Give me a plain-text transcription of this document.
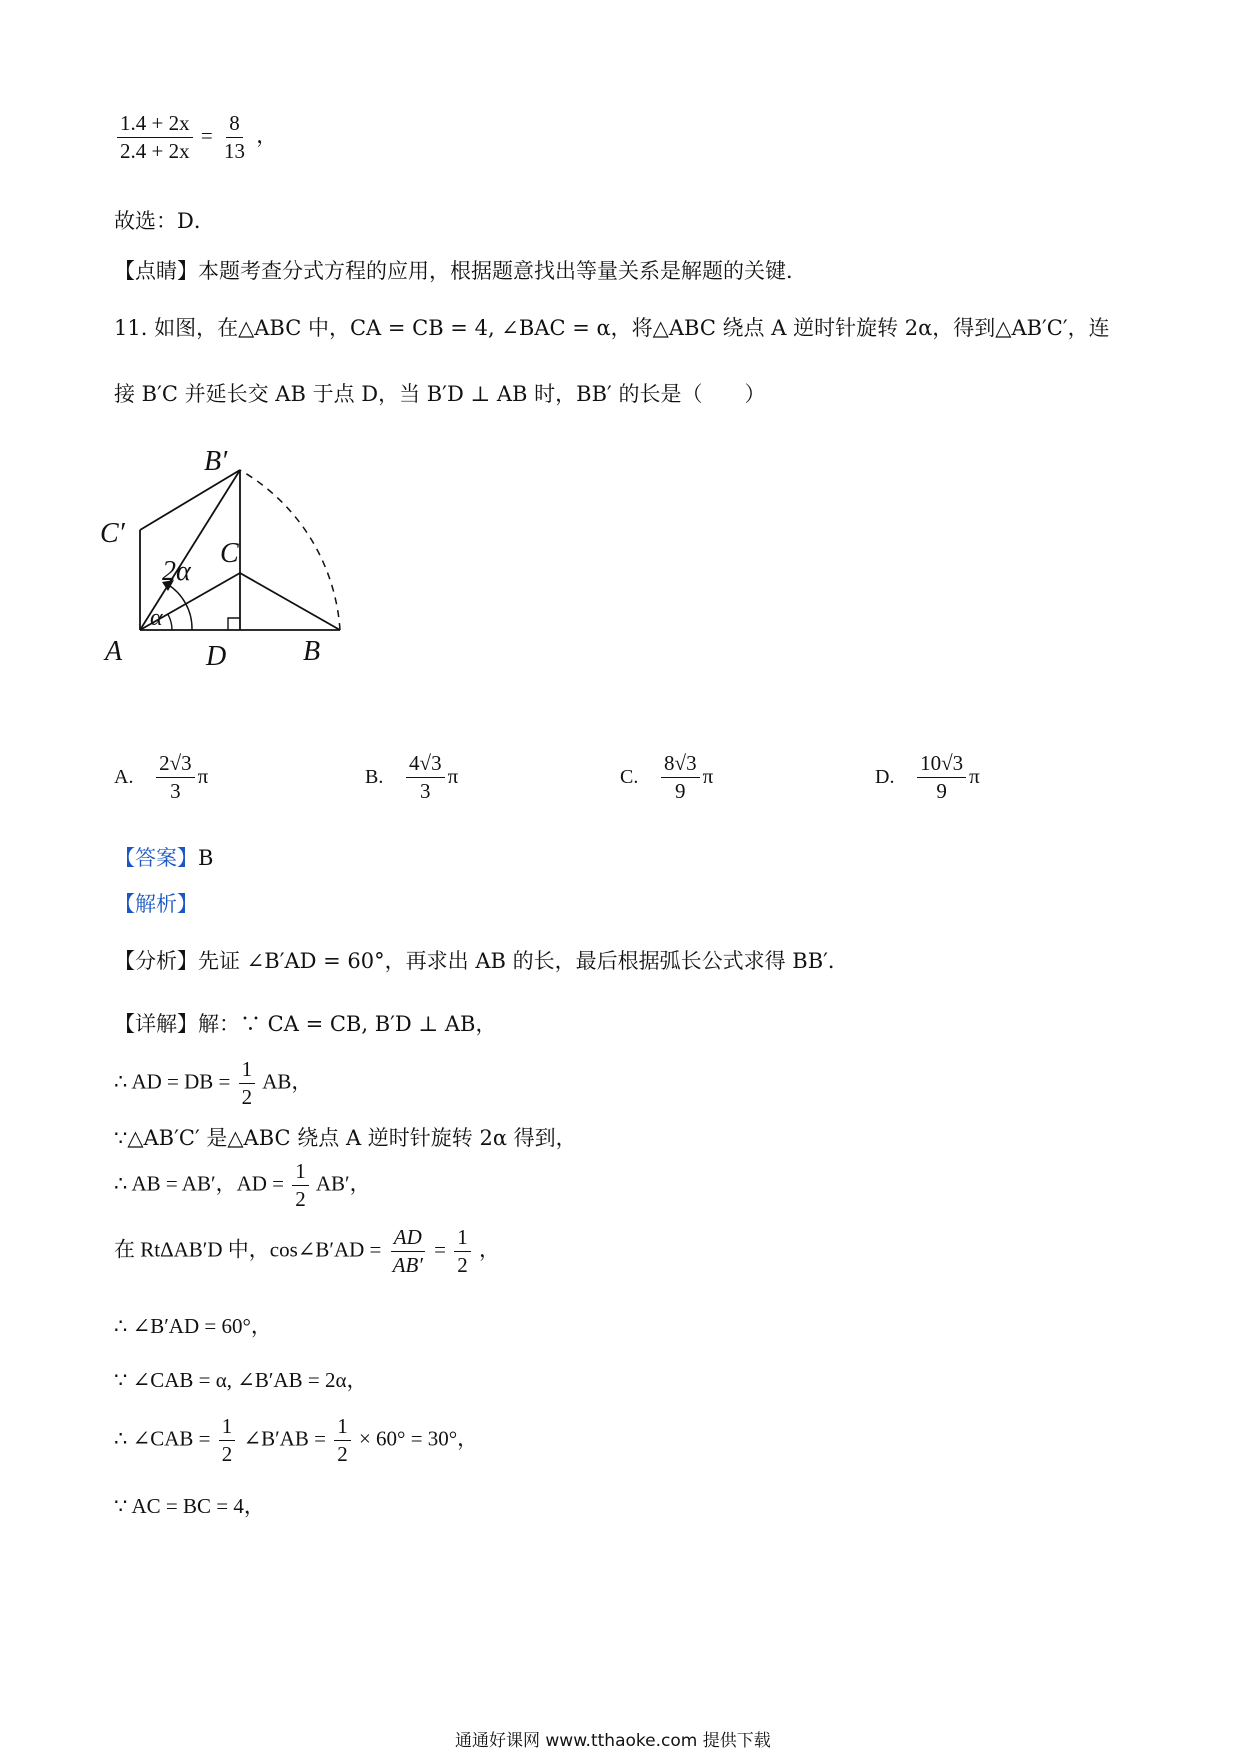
$\frac{1.4 + 2x}{2.4 + 2x} = \frac{8}{13}$ ，
故选：D．
【点睛】本题考查分式方程的应用，根据题意找出等量关系是解题的关键．
11. 如图，在△ABC 中，CA = CB = 4, ∠BAC = α，将△ABC 绕点 A 逆时针旋转 2α，得到△AB′C′，连
接 B′C 并延长交 AB 于点 D，当 B′D ⊥ AB 时，BB′ 的长是（　　）
B′
C′
C
A	D	B
2α
α
A. $\frac{2√3}{3}$ π	B. $\frac{4√3}{3}$ π	C. $\frac{8√3}{9}$ π	D. $\frac{10√3}{9}$ π
【答案】B
【解析】
【分析】先证 ∠B′AD = 60°，再求出 AB 的长，最后根据弧长公式求得 BB′．
【详解】解：∵ CA = CB, B′D ⊥ AB，
∴ AD = DB = $\frac{1}{2}$ AB，
∵△AB′C′ 是△ABC 绕点 A 逆时针旋转 2α 得到，
∴ AB = AB′，AD = $\frac{1}{2} AB'$，
在 RtΔAB′D 中，cos∠B′AD = $\frac{AD}{AB'} = \frac{1}{2}$ ，
∴ ∠B′AD = 60°，
∵ ∠CAB = α, ∠B′AB = 2α，
∴ ∠CAB = $\frac{1}{2}$ ∠B′AB = $\frac{1}{2} \times 60^\circ = 30^\circ$，
∵ AC = BC = 4，
通通好课网 www.tthaoke.com 提供下载
